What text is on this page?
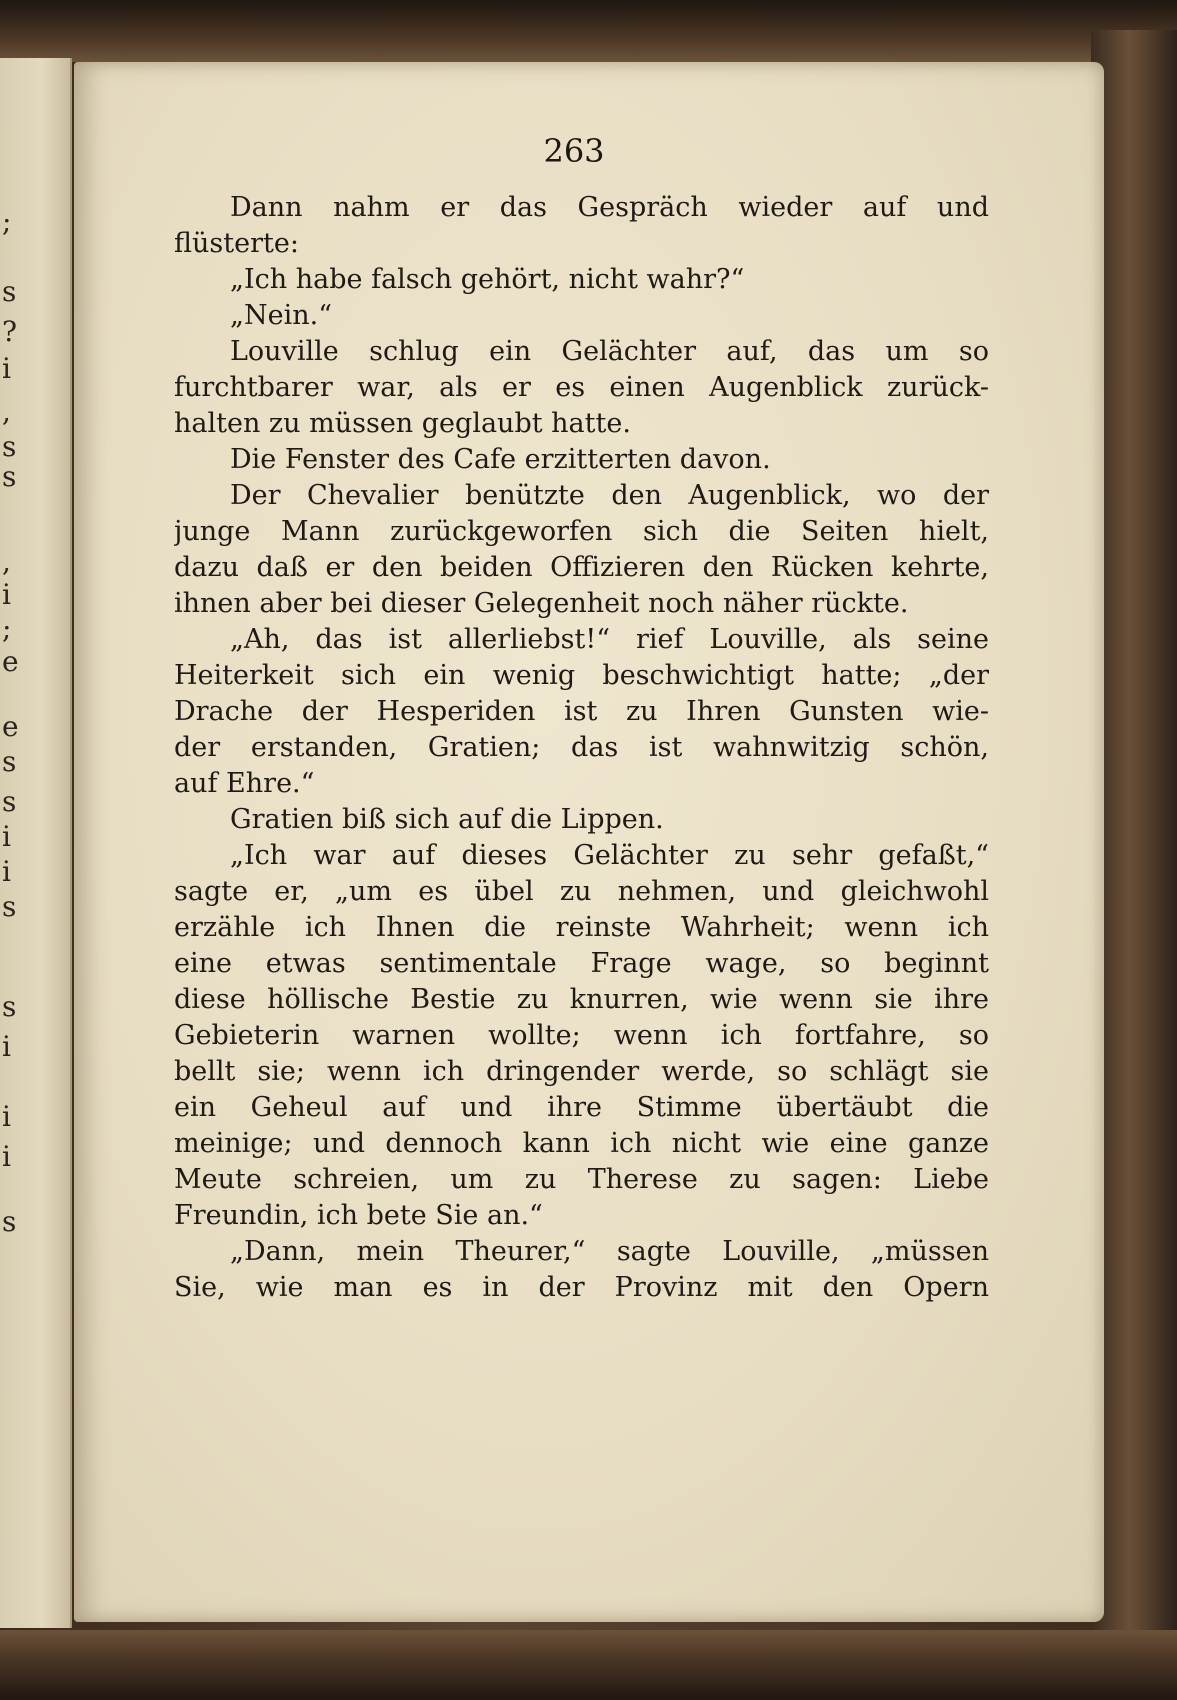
;
s
?
i
,
s
s
,
i
;
e
e
s
s
i
i
s
s
i
i
i
s
263
Dann nahm er das Gespräch wieder auf und
flüsterte:
„Ich habe falsch gehört, nicht wahr?“
„Nein.“
Louville schlug ein Gelächter auf, das um so
furchtbarer war, als er es einen Augenblick zurück-
halten zu müssen geglaubt hatte.
Die Fenster des Cafe erzitterten davon.
Der Chevalier benützte den Augenblick, wo der
junge Mann zurückgeworfen sich die Seiten hielt,
dazu daß er den beiden Offizieren den Rücken kehrte,
ihnen aber bei dieser Gelegenheit noch näher rückte.
„Ah, das ist allerliebst!“ rief Louville, als seine
Heiterkeit sich ein wenig beschwichtigt hatte; „der
Drache der Hesperiden ist zu Ihren Gunsten wie-
der erstanden, Gratien; das ist wahnwitzig schön,
auf Ehre.“
Gratien biß sich auf die Lippen.
„Ich war auf dieses Gelächter zu sehr gefaßt,“
sagte er, „um es übel zu nehmen, und gleichwohl
erzähle ich Ihnen die reinste Wahrheit; wenn ich
eine etwas sentimentale Frage wage, so beginnt
diese höllische Bestie zu knurren, wie wenn sie ihre
Gebieterin warnen wollte; wenn ich fortfahre, so
bellt sie; wenn ich dringender werde, so schlägt sie
ein Geheul auf und ihre Stimme übertäubt die
meinige; und dennoch kann ich nicht wie eine ganze
Meute schreien, um zu Therese zu sagen: Liebe
Freundin, ich bete Sie an.“
„Dann, mein Theurer,“ sagte Louville, „müssen
Sie, wie man es in der Provinz mit den Opern
